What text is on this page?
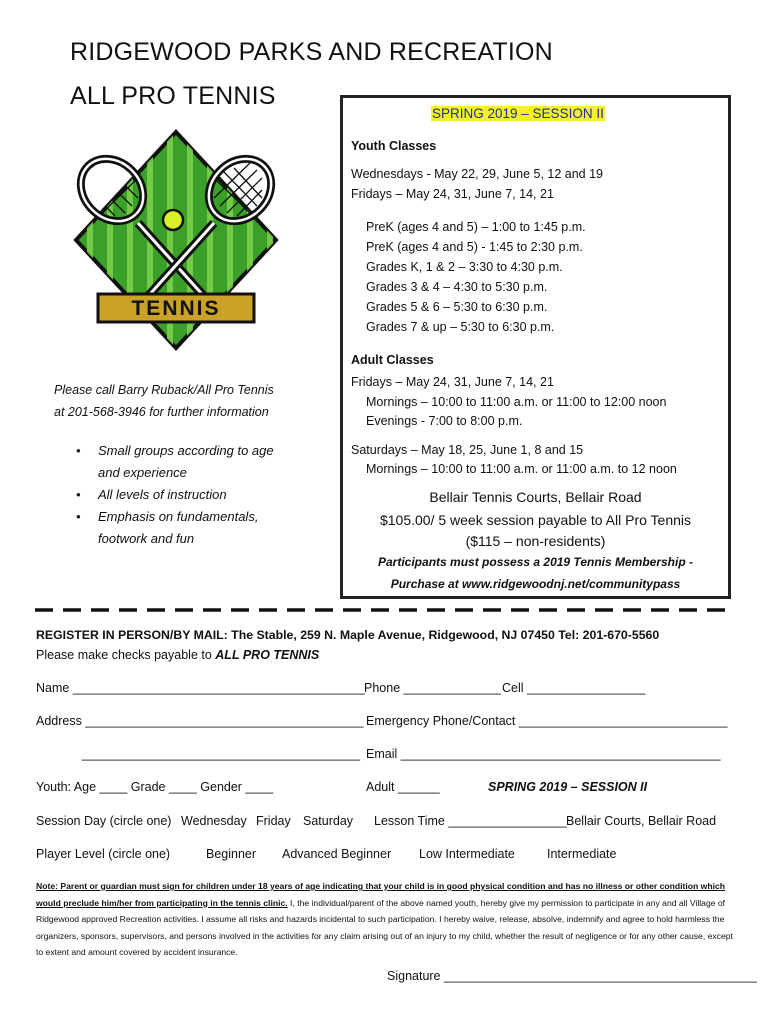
RIDGEWOOD PARKS AND RECREATION
ALL PRO TENNIS
TENNIS
Please call Barry Ruback/All Pro Tennis
at 201-568-3946 for further information
• Small groups according to age
and experience
• All levels of instruction
• Emphasis on fundamentals,
footwork and fun
SPRING 2019 – SESSION II
Youth Classes
Wednesdays - May 22, 29, June 5, 12 and 19
Fridays – May 24, 31, June 7, 14, 21
PreK (ages 4 and 5) – 1:00 to 1:45 p.m.
PreK (ages 4 and 5) - 1:45 to 2:30 p.m.
Grades K, 1 & 2 – 3:30 to 4:30 p.m.
Grades 3 & 4 – 4:30 to 5:30 p.m.
Grades 5 & 6 – 5:30 to 6:30 p.m.
Grades 7 & up – 5:30 to 6:30 p.m.
Adult Classes
Fridays – May 24, 31, June 7, 14, 21
Mornings – 10:00 to 11:00 a.m. or 11:00 to 12:00 noon
Evenings - 7:00 to 8:00 p.m.
Saturdays – May 18, 25, June 1, 8 and 15
Mornings – 10:00 to 11:00 a.m. or 11:00 a.m. to 12 noon
Bellair Tennis Courts, Bellair Road
$105.00/ 5 week session payable to All Pro Tennis
($115 – non-residents)
Participants must possess a 2019 Tennis Membership -
Purchase at www.ridgewoodnj.net/communitypass
REGISTER IN PERSON/BY MAIL: The Stable, 259 N. Maple Avenue, Ridgewood, NJ 07450 Tel: 201-670-5560
Please make checks payable to ALL PRO TENNIS
Name __________________________________________ Phone ______________ Cell _________________
Address ________________________________________ Emergency Phone/Contact ______________________________
________________________________________ Email ______________________________________________
Youth: Age ____ Grade ____ Gender ____	Adult ______	SPRING 2019 – SESSION II
Session Day (circle one) Wednesday Friday Saturday Lesson Time _________________ Bellair Courts, Bellair Road
Player Level (circle one)	Beginner Advanced Beginner Low Intermediate	Intermediate
Note: Parent or guardian must sign for children under 18 years of age indicating that your child is in good physical condition and has no illness or other condition which would preclude him/her from participating in the tennis clinic. I, the individual/parent of the above named youth, hereby give my permission to participate in any and all Village of Ridgewood approved Recreation activities. I assume all risks and hazards incidental to such participation. I hereby waive, release, absolve, indemnify and agree to hold harmless the organizers, sponsors, supervisors, and persons involved in the activities for any claim arising out of an injury to my child, whether the result of negligence or for any other cause, except to extent and amount covered by accident insurance.
Signature _____________________________________________
